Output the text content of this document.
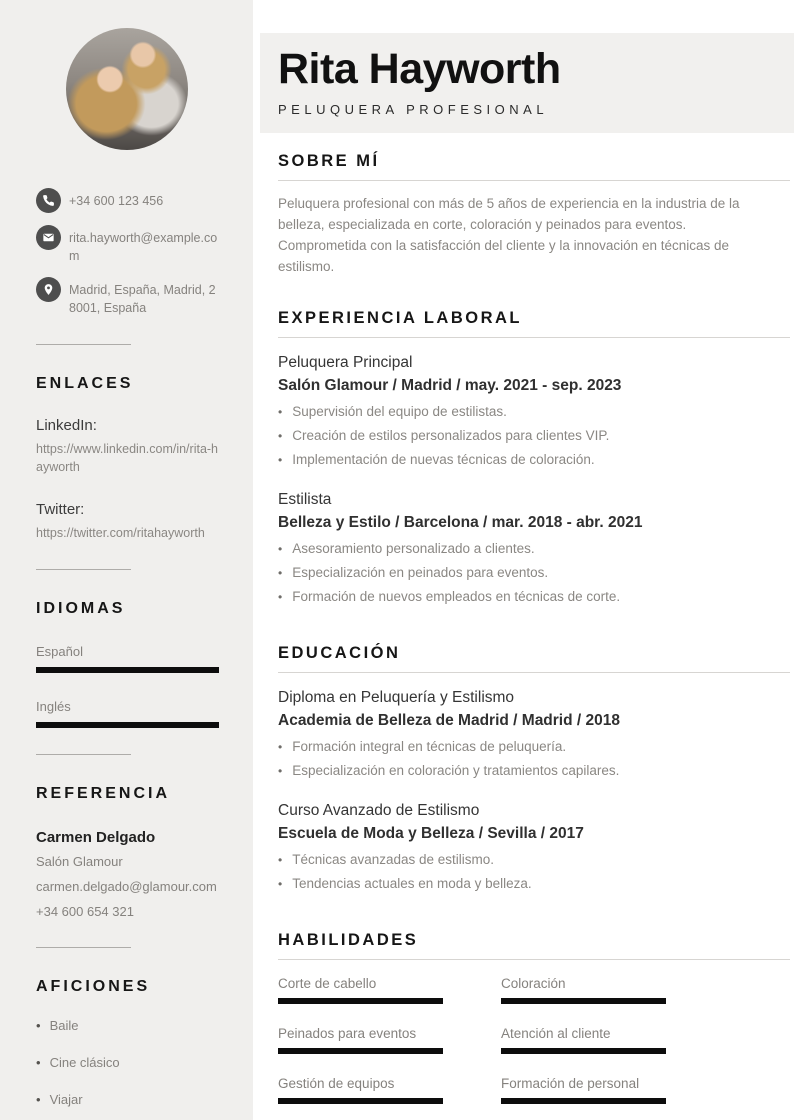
+34 600 123 456
rita.hayworth@example.com
Madrid, España, Madrid, 28001, España
ENLACES
LinkedIn:
https://www.linkedin.com/in/rita-hayworth
Twitter:
https://twitter.com/ritahayworth
IDIOMAS
Español
Inglés
REFERENCIA
Carmen Delgado
Salón Glamour
carmen.delgado@glamour.com
+34 600 654 321
AFICIONES
• Baile
• Cine clásico
• Viajar
Rita Hayworth
PELUQUERA PROFESIONAL
SOBRE MÍ

Peluquera profesional con más de 5 años de experiencia en la industria de la belleza, especializada en corte, coloración y peinados para eventos. Comprometida con la satisfacción del cliente y la innovación en técnicas de estilismo.

EXPERIENCIA LABORAL
Peluquera Principal
Salón Glamour / Madrid / may. 2021 - sep. 2023
• Supervisión del equipo de estilistas.
• Creación de estilos personalizados para clientes VIP.
• Implementación de nuevas técnicas de coloración.
Estilista
Belleza y Estilo / Barcelona / mar. 2018 - abr. 2021
• Asesoramiento personalizado a clientes.
• Especialización en peinados para eventos.
• Formación de nuevos empleados en técnicas de corte.
EDUCACIÓN
Diploma en Peluquería y Estilismo
Academia de Belleza de Madrid / Madrid / 2018
• Formación integral en técnicas de peluquería.
• Especialización en coloración y tratamientos capilares.
Curso Avanzado de Estilismo
Escuela de Moda y Belleza / Sevilla / 2017
• Técnicas avanzadas de estilismo.
• Tendencias actuales en moda y belleza.
HABILIDADES
Corte de cabello	Coloración
Peinados para eventos	Atención al cliente
Gestión de equipos	Formación de personal
